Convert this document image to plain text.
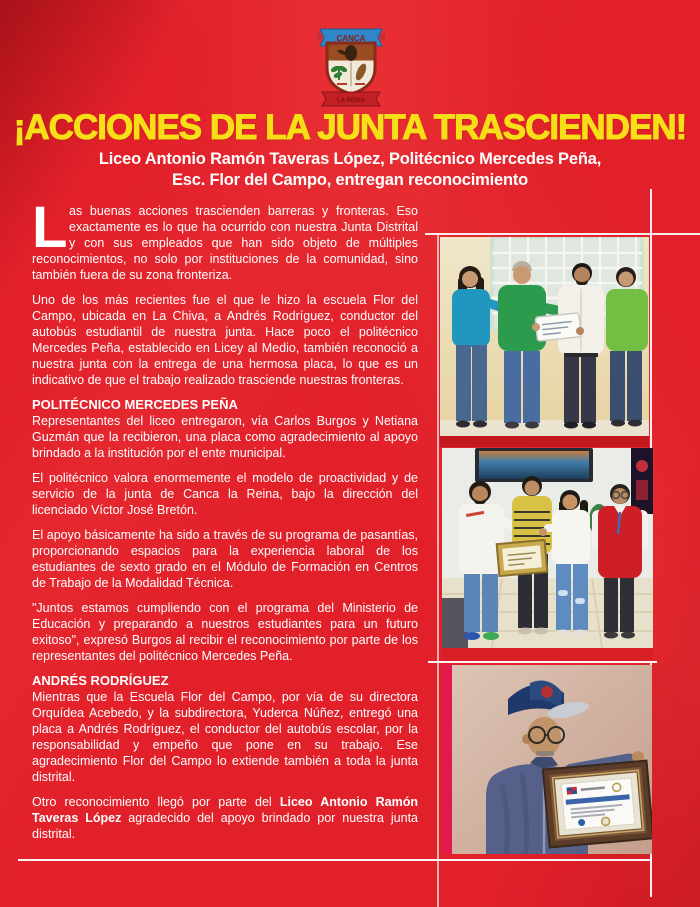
CANCA
LA REINA
¡ACCIONES DE LA JUNTA TRASCIENDEN!
Liceo Antonio Ramón Taveras López, Politécnico Mercedes Peña,
Esc. Flor del Campo, entregan reconocimiento

Las buenas acciones trascienden barreras y fronteras. Eso exactamente es lo que ha ocurrido con nuestra Junta Distrital y con sus empleados que han sido objeto de múltiples reconocimientos, no solo por instituciones de la comunidad, sino también fuera de su zona fronteriza.

Uno de los más recientes fue el que le hizo la escuela Flor del Campo, ubicada en La Chiva, a Andrés Rodríguez, conductor del autobús estudiantil de nuestra junta. Hace poco el politécnico Mercedes Peña, establecido en Licey al Medio, también reconoció a nuestra junta con la entrega de una hermosa placa, lo que es un indicativo de que el trabajo realizado trasciende nuestras fronteras.

POLITÉCNICO MERCEDES PEÑA

Representantes del liceo entregaron, vía Carlos Burgos y Netiana Guzmán que la recibieron, una placa como agradecimiento al apoyo brindado a la institución por el ente municipal.

El politécnico valora enormemente el modelo de proactividad y de servicio de la junta de Canca la Reina, bajo la dirección del licenciado Víctor José Bretón.

El apoyo básicamente ha sido a través de su programa de pasantías, proporcionando espacios para la experiencia laboral de los estudiantes de sexto grado en el Módulo de Formación en Centros de Trabajo de la Modalidad Técnica.

"Juntos estamos cumpliendo con el programa del Ministerio de Educación y preparando a nuestros estudiantes para un futuro exitoso", expresó Burgos al recibir el reconocimiento por parte de los representantes del politécnico Mercedes Peña.

ANDRÉS RODRÍGUEZ

Mientras que la Escuela Flor del Campo, por vía de su directora Orquídea Acebedo, y la subdirectora, Yuderca Núñez, entregó una placa a Andrés Rodríguez, el conductor del autobús escolar, por la responsabilidad y empeño que pone en su trabajo. Ese agradecimiento Flor del Campo lo extiende también a toda la junta distrital.

Otro reconocimiento llegó por parte del Liceo Antonio Ramón Taveras López agradecido del apoyo brindado por nuestra junta distrital.
